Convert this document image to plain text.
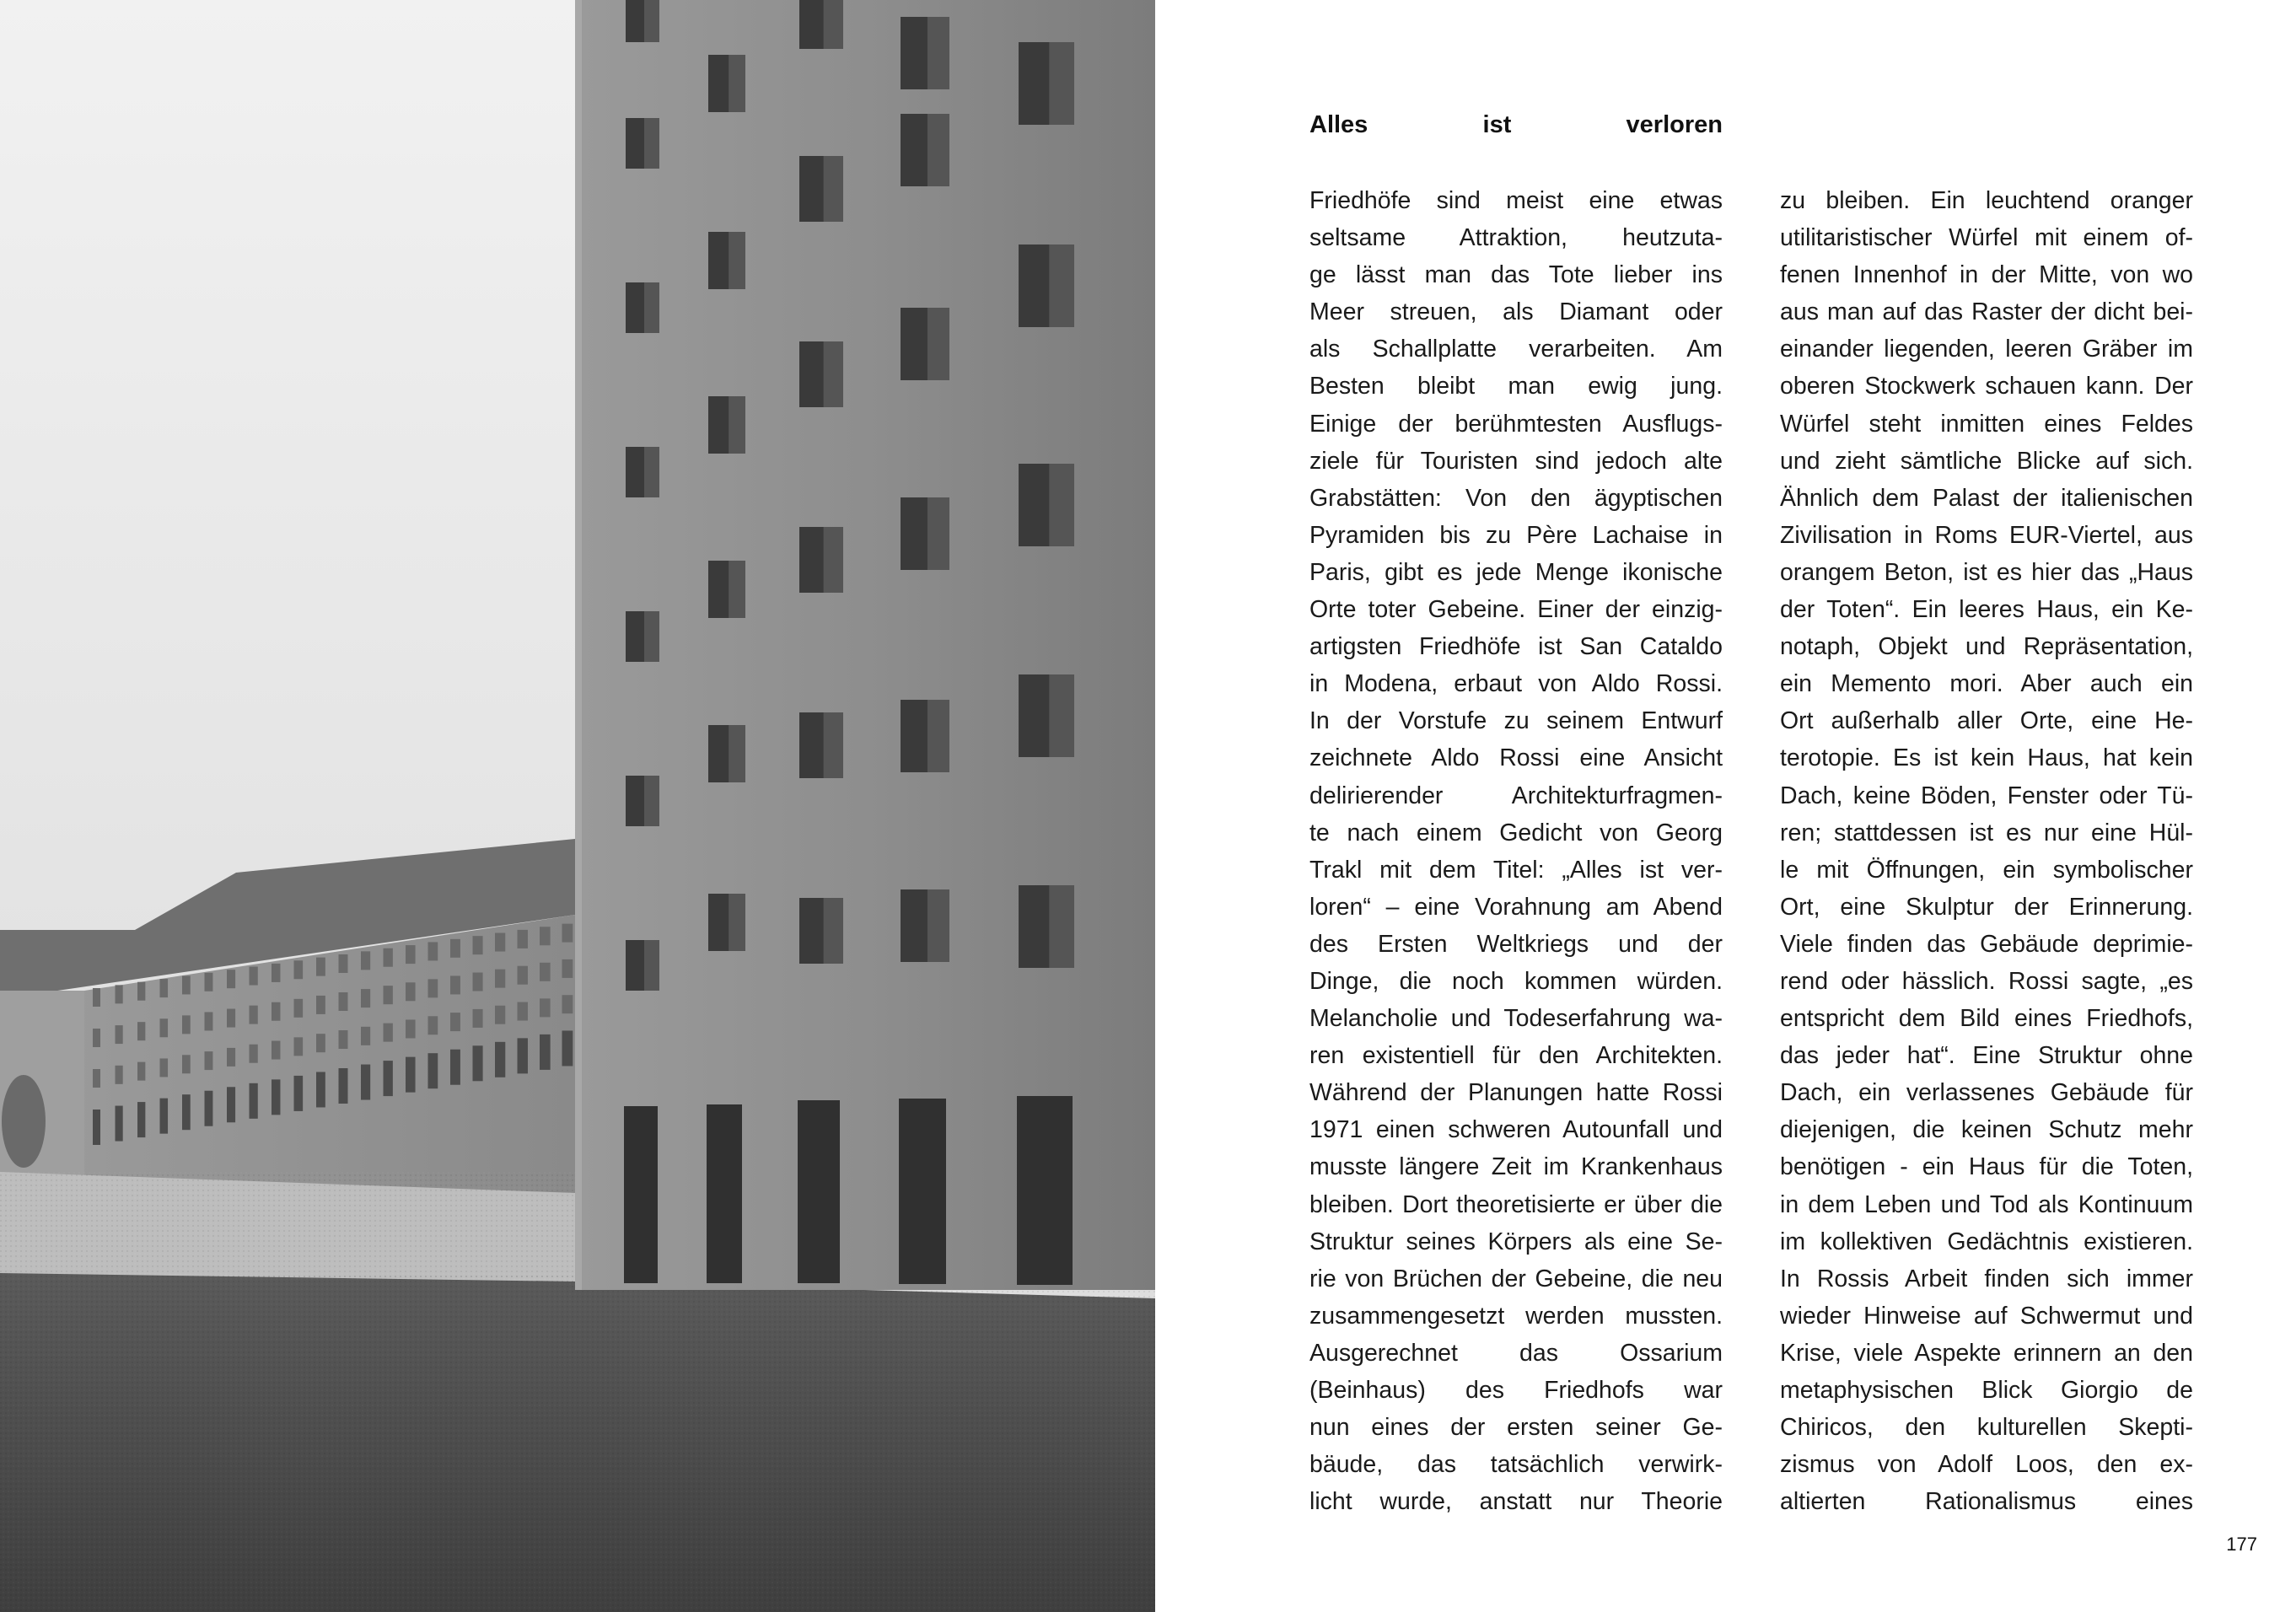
Alles ist verloren
Friedhöfe sind meist eine etwas
seltsame Attraktion, heutzuta-
ge lässt man das Tote lieber ins
Meer streuen, als Diamant oder
als Schallplatte verarbeiten. Am
Besten bleibt man ewig jung.
Einige der berühmtesten Ausflugs-
ziele für Touristen sind jedoch alte
Grabstätten: Von den ägyptischen
Pyramiden bis zu Père Lachaise in
Paris, gibt es jede Menge ikonische
Orte toter Gebeine. Einer der einzig-
artigsten Friedhöfe ist San Cataldo
in Modena, erbaut von Aldo Rossi.
In der Vorstufe zu seinem Entwurf
zeichnete Aldo Rossi eine Ansicht
delirierender Architekturfragmen-
te nach einem Gedicht von Georg
Trakl mit dem Titel: „Alles ist ver-
loren“ – eine Vorahnung am Abend
des Ersten Weltkriegs und der
Dinge, die noch kommen würden.
Melancholie und Todeserfahrung wa-
ren existentiell für den Architekten.
Während der Planungen hatte Rossi
1971 einen schweren Autounfall und
musste längere Zeit im Krankenhaus
bleiben. Dort theoretisierte er über die
Struktur seines Körpers als eine Se-
rie von Brüchen der Gebeine, die neu
zusammengesetzt werden mussten.
Ausgerechnet das Ossarium
(Beinhaus) des Friedhofs war
nun eines der ersten seiner Ge-
bäude, das tatsächlich verwirk-
licht wurde, anstatt nur Theorie
zu bleiben. Ein leuchtend oranger
utilitaristischer Würfel mit einem of-
fenen Innenhof in der Mitte, von wo
aus man auf das Raster der dicht bei-
einander liegenden, leeren Gräber im
oberen Stockwerk schauen kann. Der
Würfel steht inmitten eines Feldes
und zieht sämtliche Blicke auf sich.
Ähnlich dem Palast der italienischen
Zivilisation in Roms EUR-Viertel, aus
orangem Beton, ist es hier das „Haus
der Toten“. Ein leeres Haus, ein Ke-
notaph, Objekt und Repräsentation,
ein Memento mori. Aber auch ein
Ort außerhalb aller Orte, eine He-
terotopie. Es ist kein Haus, hat kein
Dach, keine Böden, Fenster oder Tü-
ren; stattdessen ist es nur eine Hül-
le mit Öffnungen, ein symbolischer
Ort, eine Skulptur der Erinnerung.
Viele finden das Gebäude deprimie-
rend oder hässlich. Rossi sagte, „es
entspricht dem Bild eines Friedhofs,
das jeder hat“. Eine Struktur ohne
Dach, ein verlassenes Gebäude für
diejenigen, die keinen Schutz mehr
benötigen - ein Haus für die Toten,
in dem Leben und Tod als Kontinuum
im kollektiven Gedächtnis existieren.
In Rossis Arbeit finden sich immer
wieder Hinweise auf Schwermut und
Krise, viele Aspekte erinnern an den
metaphysischen Blick Giorgio de
Chiricos, den kulturellen Skepti-
zismus von Adolf Loos, den ex-
altierten Rationalismus eines
177
